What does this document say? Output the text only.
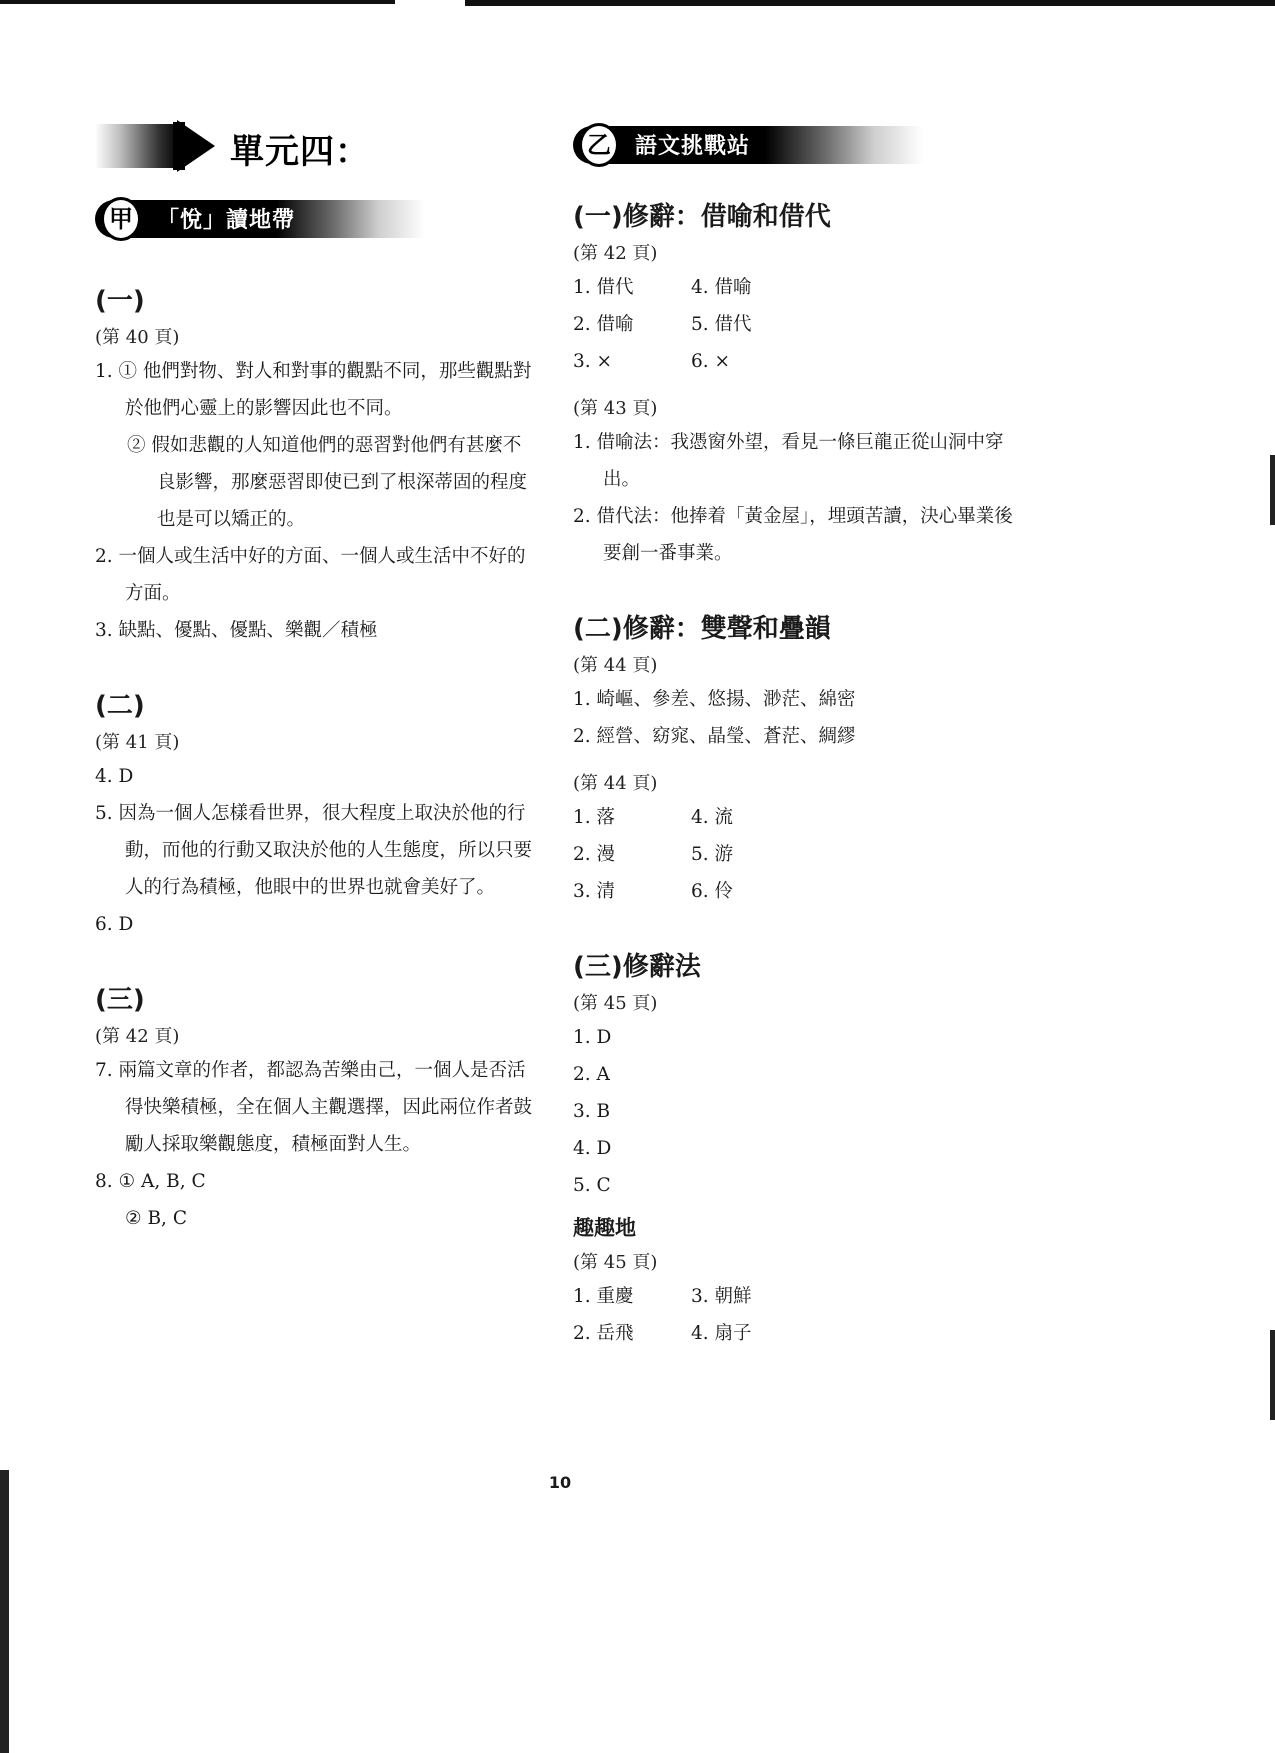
單元四：
甲	「悅」讀地帶
(一)

(第 40 頁)

1. ① 他們對物、對人和對事的觀點不同，那些觀點對於他們心靈上的影響因此也不同。

② 假如悲觀的人知道他們的惡習對他們有甚麼不良影響，那麼惡習即使已到了根深蒂固的程度也是可以矯正的。

2. 一個人或生活中好的方面、一個人或生活中不好的方面。

3. 缺點、優點、優點、樂觀／積極

(二)

(第 41 頁)

4. D

5. 因為一個人怎樣看世界，很大程度上取決於他的行動，而他的行動又取決於他的人生態度，所以只要人的行為積極，他眼中的世界也就會美好了。

6. D

(三)

(第 42 頁)

7. 兩篇文章的作者，都認為苦樂由己，一個人是否活得快樂積極，全在個人主觀選擇，因此兩位作者鼓勵人採取樂觀態度，積極面對人生。

8. ① A, B, C

② B, C

乙	語文挑戰站
(一)修辭：借喻和借代

(第 42 頁)

1. 借代	4. 借喻
2. 借喻	5. 借代
3. ×	6. ×

(第 43 頁)

1. 借喻法：我憑窗外望，看見一條巨龍正從山洞中穿出。

2. 借代法：他捧着「黃金屋」，埋頭苦讀，決心畢業後要創一番事業。

(二)修辭：雙聲和疊韻

(第 44 頁)

1. 崎嶇、參差、悠揚、渺茫、綿密

2. 經營、窈窕、晶瑩、蒼茫、綢繆

(第 44 頁)

1. 落	4. 流
2. 漫	5. 游
3. 清	6. 伶
(三)修辭法

(第 45 頁)

1. D

2. A

3. B

4. D

5. C

趣趣地

(第 45 頁)

1. 重慶	3. 朝鮮
2. 岳飛	4. 扇子
10
